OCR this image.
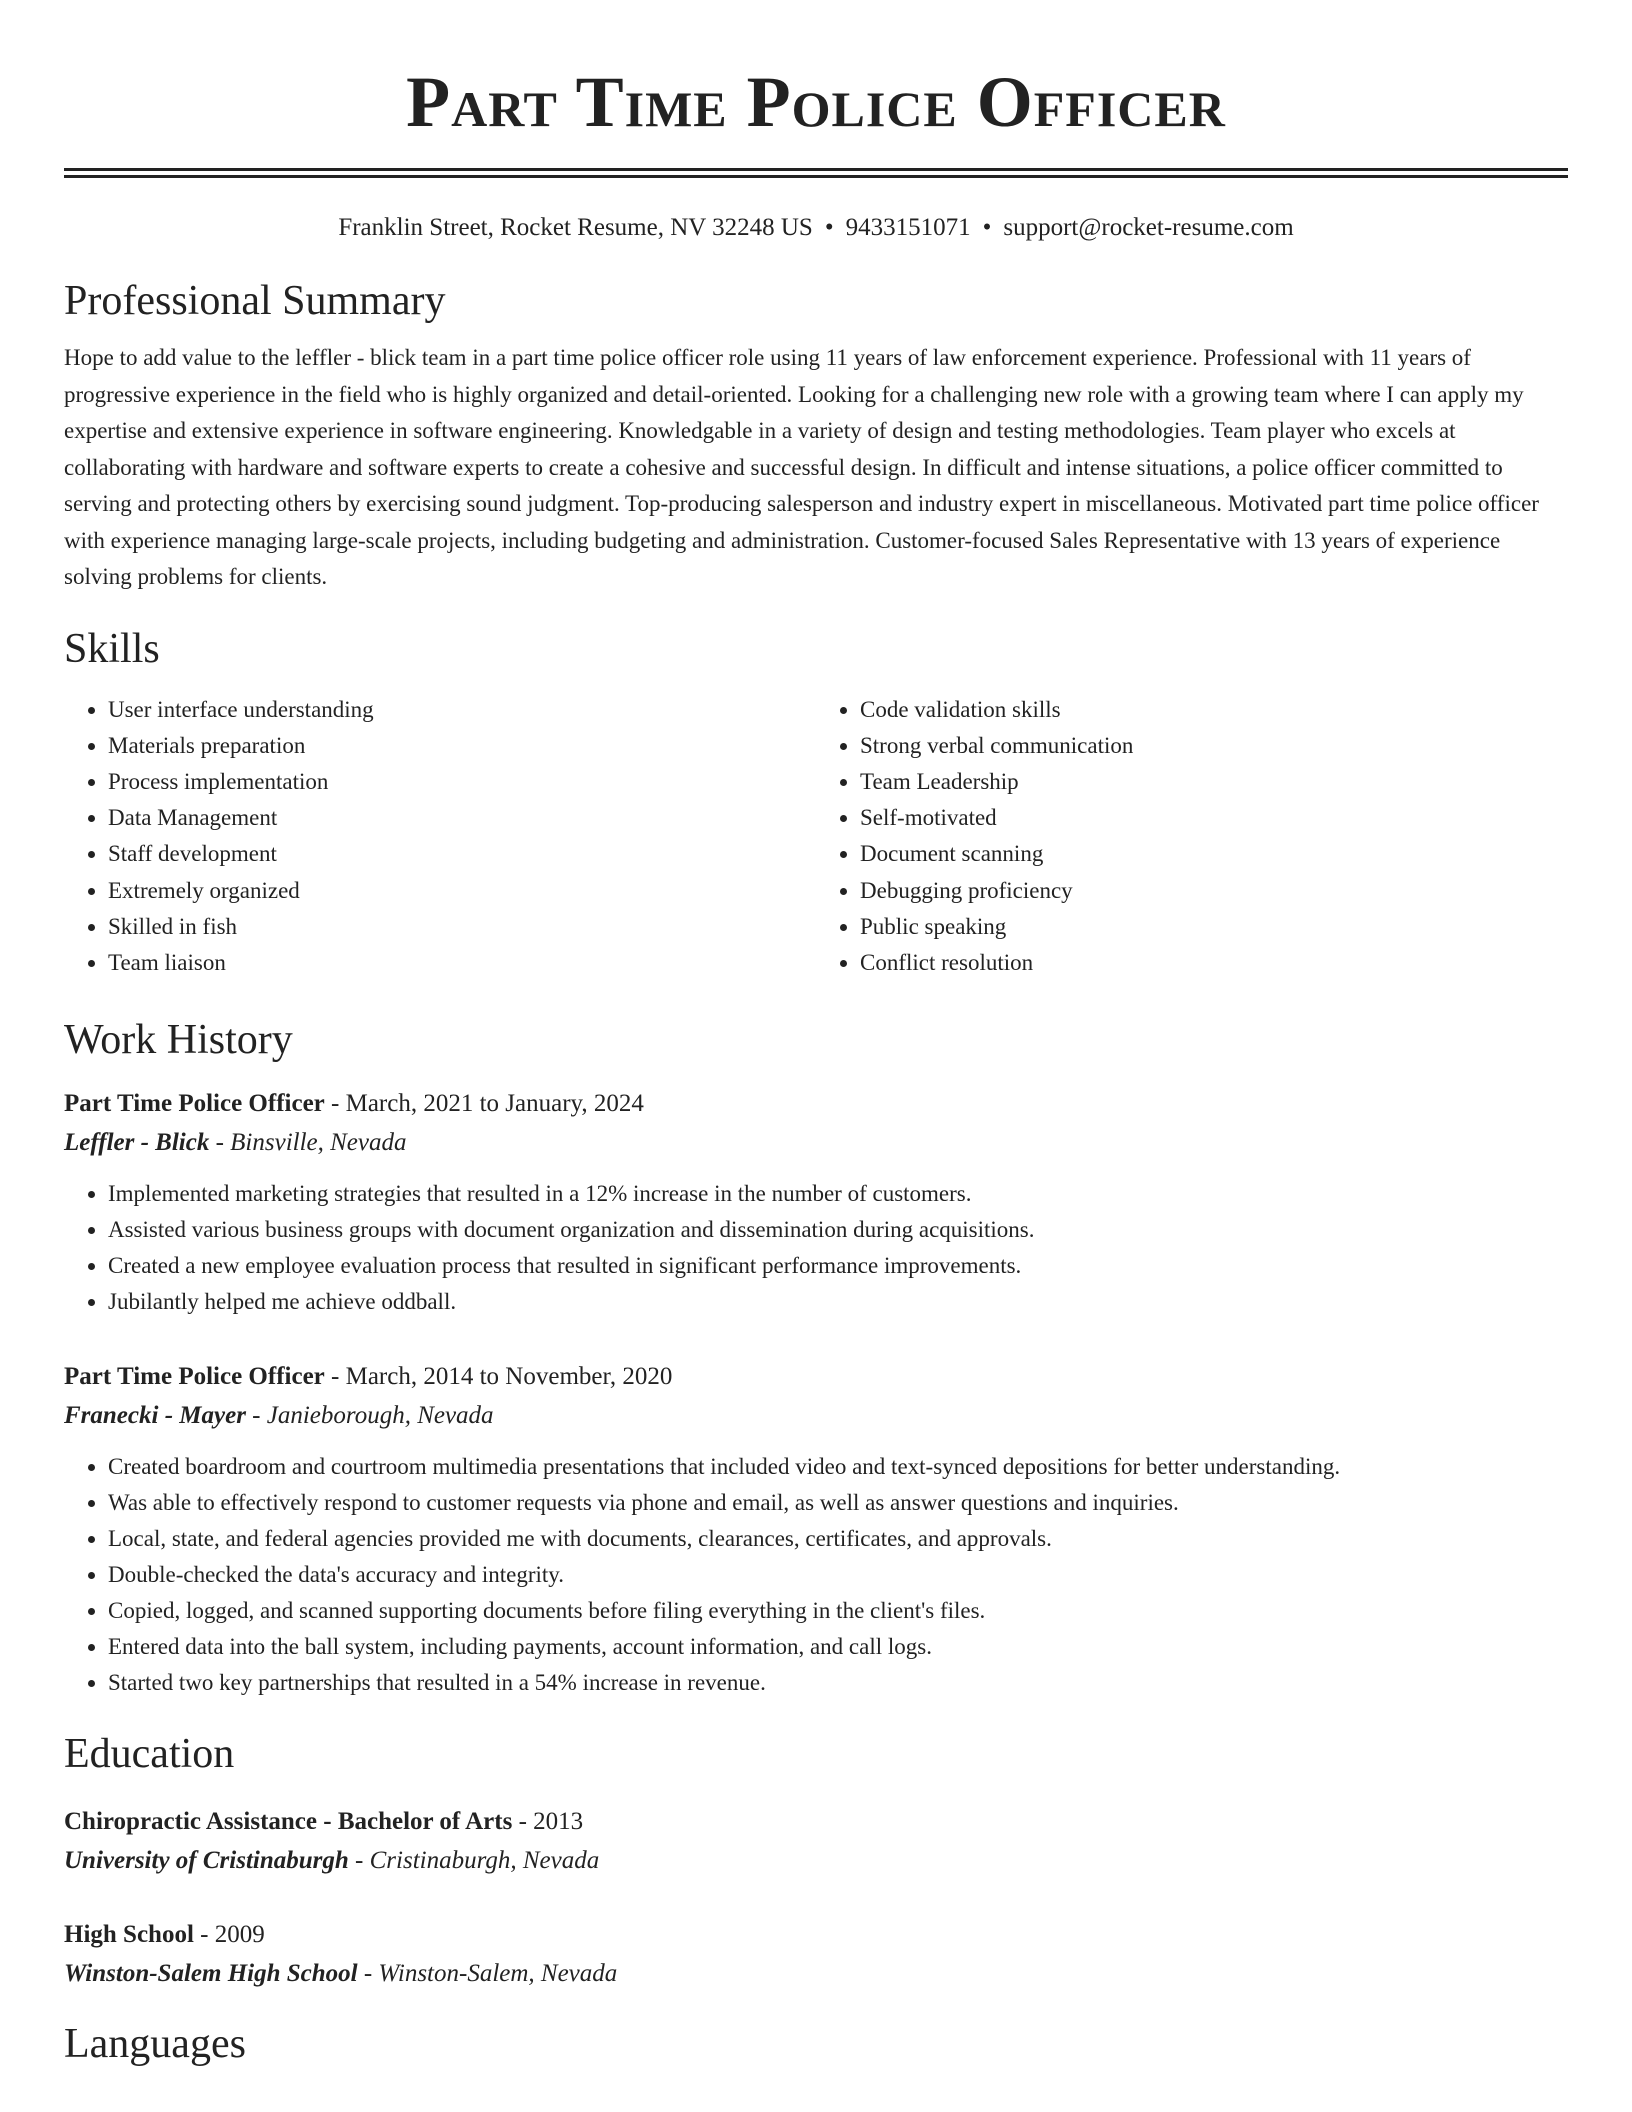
Part Time Police Officer
Franklin Street, Rocket Resume, NV 32248 US • 9433151071 • support@rocket-resume.com
Professional Summary

Hope to add value to the leffler - blick team in a part time police officer role using 11 years of law enforcement experience. Professional with 11 years of progressive experience in the field who is highly organized and detail-oriented. Looking for a challenging new role with a growing team where I can apply my expertise and extensive experience in software engineering. Knowledgable in a variety of design and testing methodologies. Team player who excels at collaborating with hardware and software experts to create a cohesive and successful design. In difficult and intense situations, a police officer committed to serving and protecting others by exercising sound judgment. Top-producing salesperson and industry expert in miscellaneous. Motivated part time police officer with experience managing large-scale projects, including budgeting and administration. Customer-focused Sales Representative with 13 years of experience solving problems for clients.

Skills
• User interface understanding
• Materials preparation
• Process implementation
• Data Management
• Staff development
• Extremely organized
• Skilled in fish
• Team liaison
• Code validation skills
• Strong verbal communication
• Team Leadership
• Self-motivated
• Document scanning
• Debugging proficiency
• Public speaking
• Conflict resolution
Work History
Part Time Police Officer - March, 2021 to January, 2024
Leffler - Blick - Binsville, Nevada
• Implemented marketing strategies that resulted in a 12% increase in the number of customers.
• Assisted various business groups with document organization and dissemination during acquisitions.
• Created a new employee evaluation process that resulted in significant performance improvements.
• Jubilantly helped me achieve oddball.
Part Time Police Officer - March, 2014 to November, 2020
Franecki - Mayer - Janieborough, Nevada
• Created boardroom and courtroom multimedia presentations that included video and text-synced depositions for better understanding.
• Was able to effectively respond to customer requests via phone and email, as well as answer questions and inquiries.
• Local, state, and federal agencies provided me with documents, clearances, certificates, and approvals.
• Double-checked the data's accuracy and integrity.
• Copied, logged, and scanned supporting documents before filing everything in the client's files.
• Entered data into the ball system, including payments, account information, and call logs.
• Started two key partnerships that resulted in a 54% increase in revenue.
Education
Chiropractic Assistance - Bachelor of Arts - 2013
University of Cristinaburgh - Cristinaburgh, Nevada
High School - 2009
Winston-Salem High School - Winston-Salem, Nevada
Languages
